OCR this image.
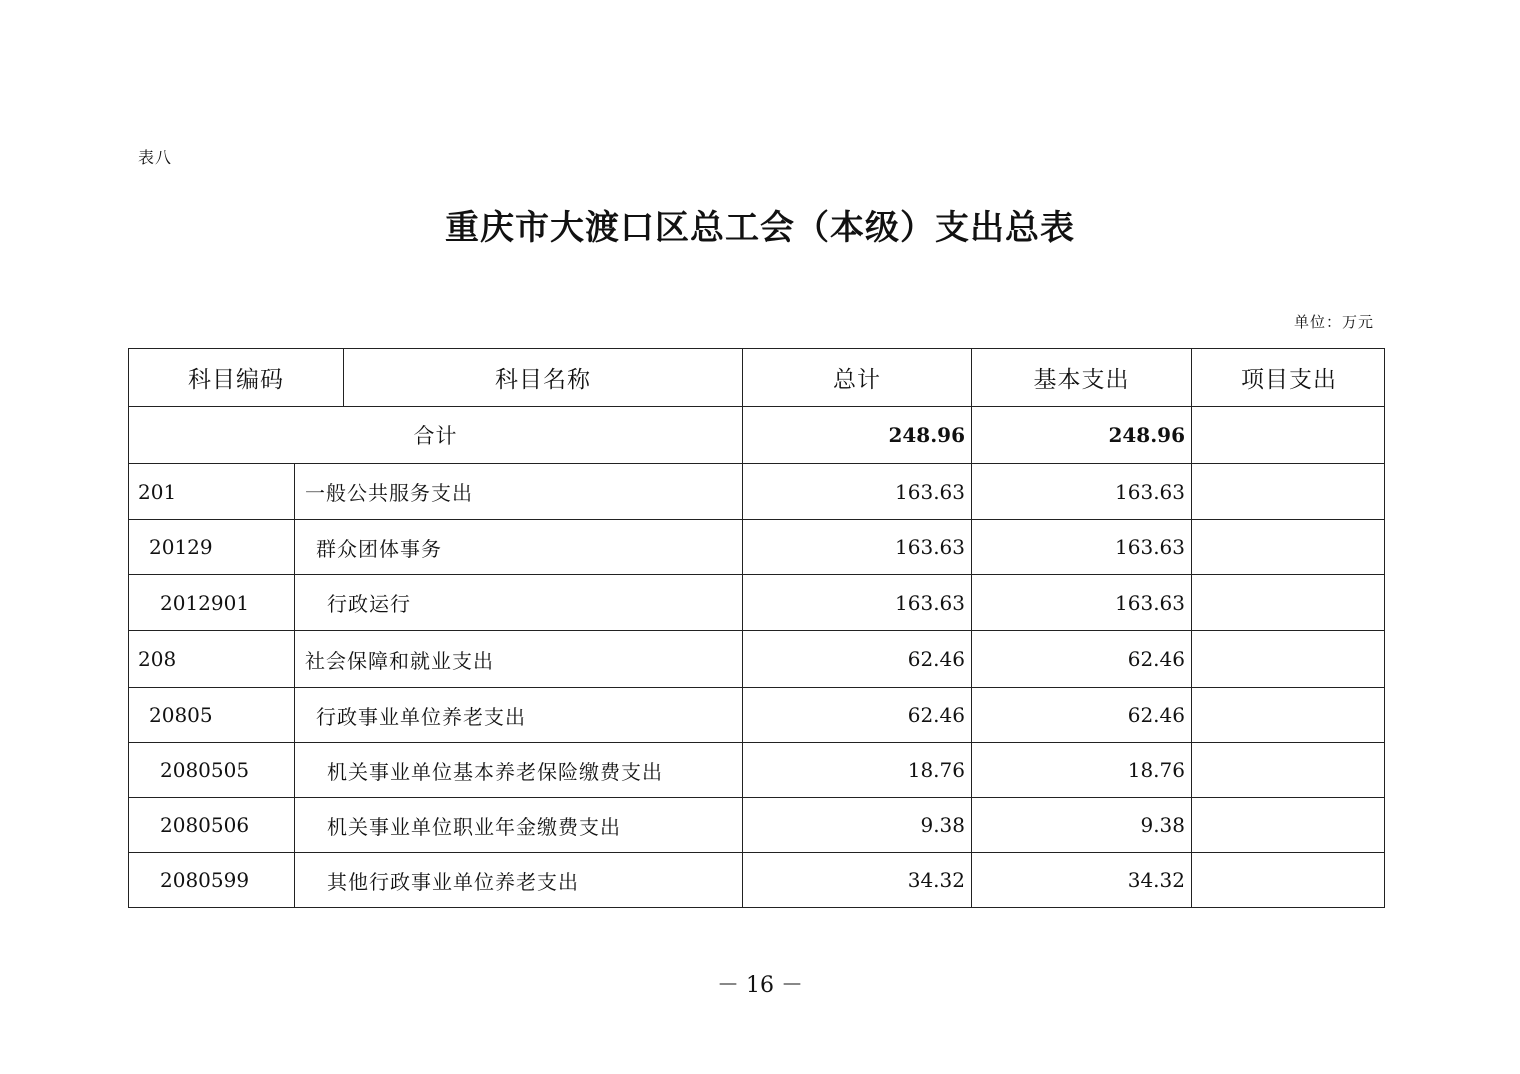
表八
重庆市大渡口区总工会（本级）支出总表
单位：万元
科目编码	科目名称	总计	基本支出	项目支出
合计	248.96	248.96
201	一般公共服务支出	163.63	163.63
20129	群众团体事务	163.63	163.63
2012901	行政运行	163.63	163.63
208	社会保障和就业支出	62.46	62.46
20805	行政事业单位养老支出	62.46	62.46
2080505	机关事业单位基本养老保险缴费支出	18.76	18.76
2080506	机关事业单位职业年金缴费支出	9.38	9.38
2080599	其他行政事业单位养老支出	34.32	34.32
－ 16 －
